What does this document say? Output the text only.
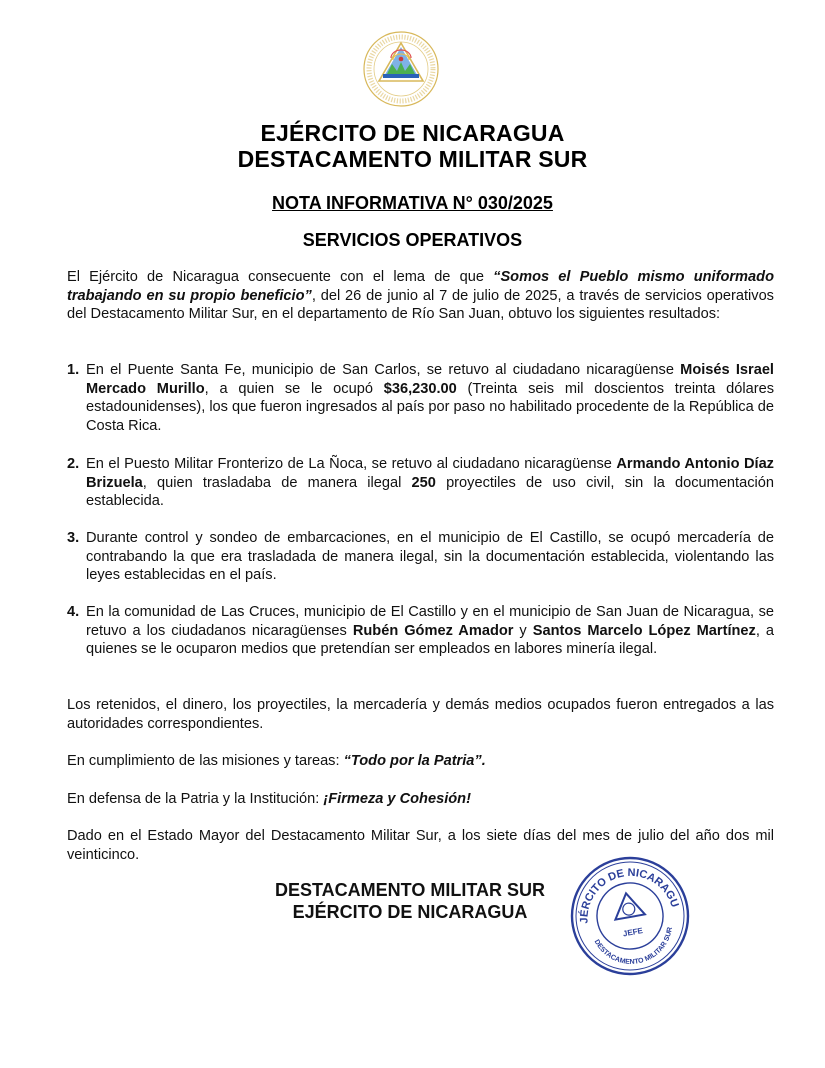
EJÉRCITO DE NICARAGUA
DESTACAMENTO MILITAR SUR
NOTA INFORMATIVA N° 030/2025
SERVICIOS OPERATIVOS

El Ejército de Nicaragua consecuente con el lema de que “Somos el Pueblo mismo uniformado trabajando en su propio beneficio”, del 26 de junio al 7 de julio de 2025, a través de servicios operativos del Destacamento Militar Sur, en el departamento de Río San Juan, obtuvo los siguientes resultados:

1. En el Puente Santa Fe, municipio de San Carlos, se retuvo al ciudadano nicaragüense Moisés Israel Mercado Murillo, a quien se le ocupó $36,230.00 (Treinta seis mil doscientos treinta dólares estadounidenses), los que fueron ingresados al país por paso no habilitado procedente de la República de Costa Rica.
2. En el Puesto Militar Fronterizo de La Ñoca, se retuvo al ciudadano nicaragüense Armando Antonio Díaz Brizuela, quien trasladaba de manera ilegal 250 proyectiles de uso civil, sin la documentación establecida.
3. Durante control y sondeo de embarcaciones, en el municipio de El Castillo, se ocupó mercadería de contrabando la que era trasladada de manera ilegal, sin la documentación establecida, violentando las leyes establecidas en el país.
4. En la comunidad de Las Cruces, municipio de El Castillo y en el municipio de San Juan de Nicaragua, se retuvo a los ciudadanos nicaragüenses Rubén Gómez Amador y Santos Marcelo López Martínez, a quienes se le ocuparon medios que pretendían ser empleados en labores minería ilegal.

Los retenidos, el dinero, los proyectiles, la mercadería y demás medios ocupados fueron entregados a las autoridades correspondientes.

En cumplimiento de las misiones y tareas: “Todo por la Patria”.

En defensa de la Patria y la Institución: ¡Firmeza y Cohesión!

Dado en el Estado Mayor del Destacamento Militar Sur, a los siete días del mes de julio del año dos mil veinticinco.

DESTACAMENTO MILITAR SUR
EJÉRCITO DE NICARAGUA
EJÉRCITO DE NICARAGUA
DESTACAMENTO MILITAR SUR
JEFE
